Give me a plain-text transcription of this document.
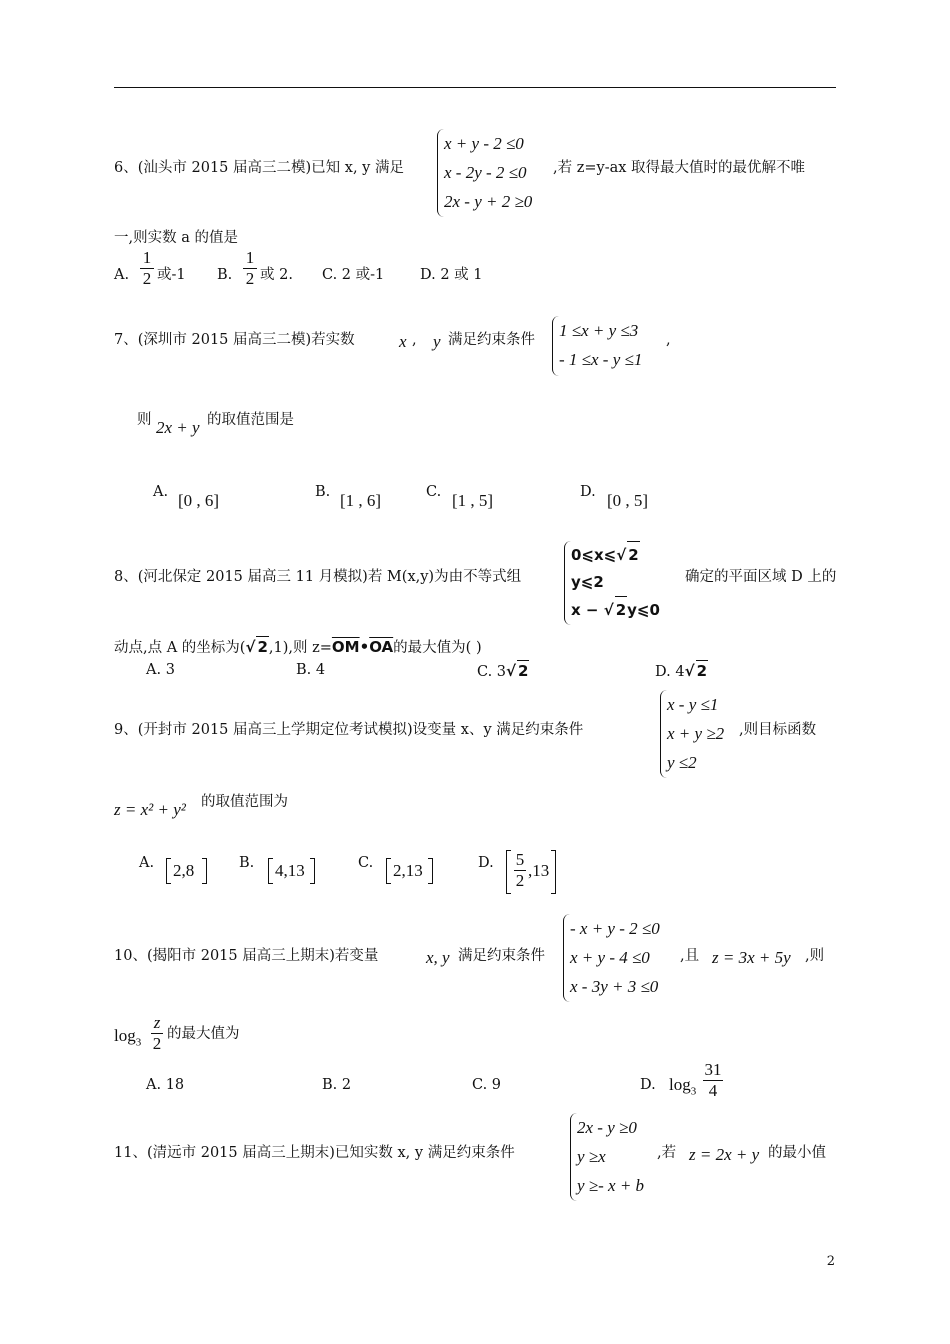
6、(汕头市 2015 届高三二模)已知 x, y 满足
x + y - 2 ≤0
x - 2y - 2 ≤0
2x - y + 2 ≥0
,若 z=y-ax 取得最大值时的最优解不唯
一,则实数 a 的值是
A.
1
2 或-1 B.
1
2 或 2. C. 2 或-1 D. 2 或 1
7、(深圳市 2015 届高三二模)若实数	x , y 满足约束条件 1 ≤x + y ≤3
- 1 ≤x - y ≤1
,
则 2x + y 的取值范围是
A. [0 , 6]	B. [1 , 6]	C. [1 , 5]	D. [0 , 5]
8、(河北保定 2015 届高三 11 月模拟)若 M(x,y)为由不等式组
0⩽x⩽√ 2
y⩽2
x − √ 2y⩽0
确定的平面区域 D 上的
动点,点 A 的坐标为(√ 2,1),则 $z=\overline{OM}•\overline{OA}$的最大值为( )
A. 3	B. 4	C. 3√ 2	D. 4√ 2
9、(开封市 2015 届高三上学期定位考试模拟)设变量 x、y 满足约束条件
x - y ≤1
x + y ≥2
y ≤2
,则目标函数
z = x² + y² 的取值范围为
A. 2,8	B. 4,13	C. 2,13	D. 5
2
,13
10、(揭阳市 2015 届高三上期末)若变量	x, y 满足约束条件
- x + y - 2 ≤0
x + y - 4 ≤0
x - 3y + 3 ≤0
,且 z = 3x + 5y ,则
$\log_3$
z
2 的最大值为
A. 18	B. 2	C. 9	D. $\log_3$
31
4
11、(清远市 2015 届高三上期末)已知实数 x, y 满足约束条件
2x - y ≥0
y ≥x
y ≥- x + b
,若 z = 2x + y 的最小值
2
